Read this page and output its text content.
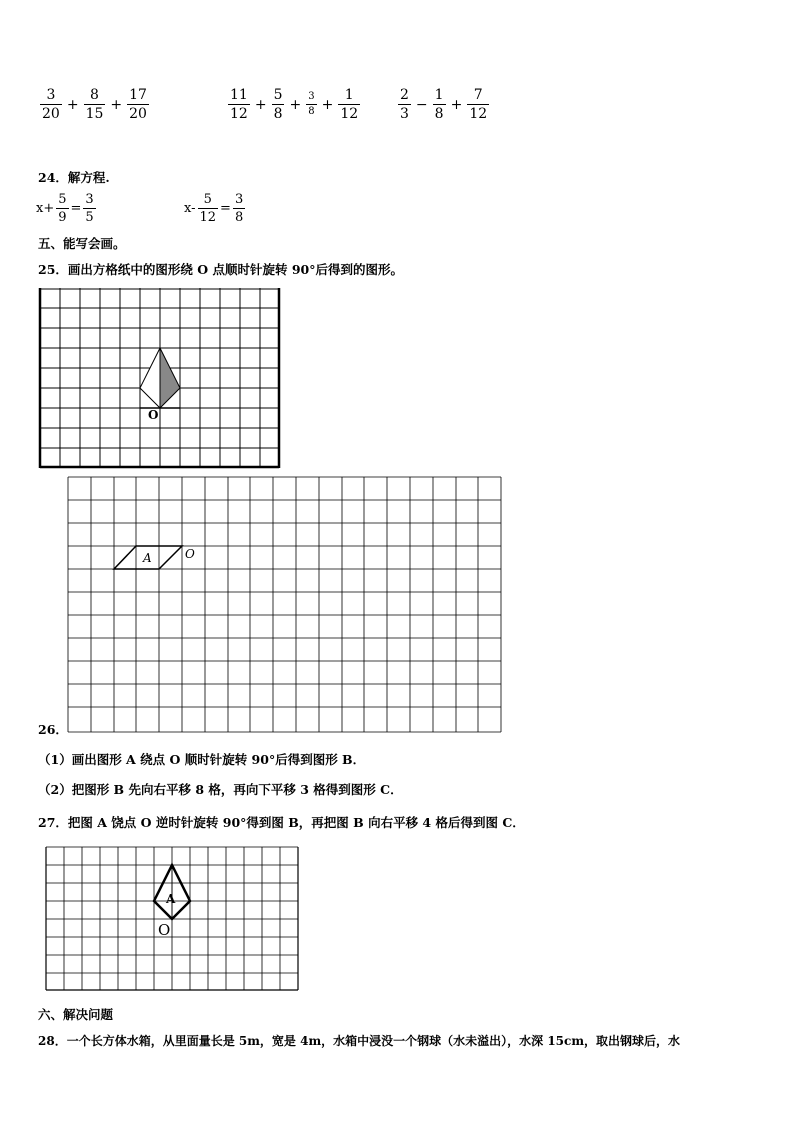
$\frac{3}{20} + \frac{8}{15} + \frac{17}{20}$	$\frac{11}{12} + \frac{5}{8} + \frac{3}{8} + \frac{1}{12}$	$\frac{2}{3} - \frac{1}{8} + \frac{7}{12}$
24．解方程.
$x+ \frac{5}{9} = \frac{3}{5}$	$x- \frac{5}{12} = \frac{3}{8}$
五、能写会画。
25．画出方格纸中的图形绕 O 点顺时针旋转 90°后得到的图形。
O
A	O
26．
（1）画出图形 A 绕点 O 顺时针旋转 90°后得到图形 B．
（2）把图形 B 先向右平移 8 格，再向下平移 3 格得到图形 C．
27．把图 A 饶点 O 逆时针旋转 90°得到图 B，再把图 B 向右平移 4 格后得到图 C．
A
O
六、解决问题
28．一个长方体水箱，从里面量长是 5m，宽是 4m，水箱中浸没一个钢球（水未溢出），水深 15cm，取出钢球后，水
